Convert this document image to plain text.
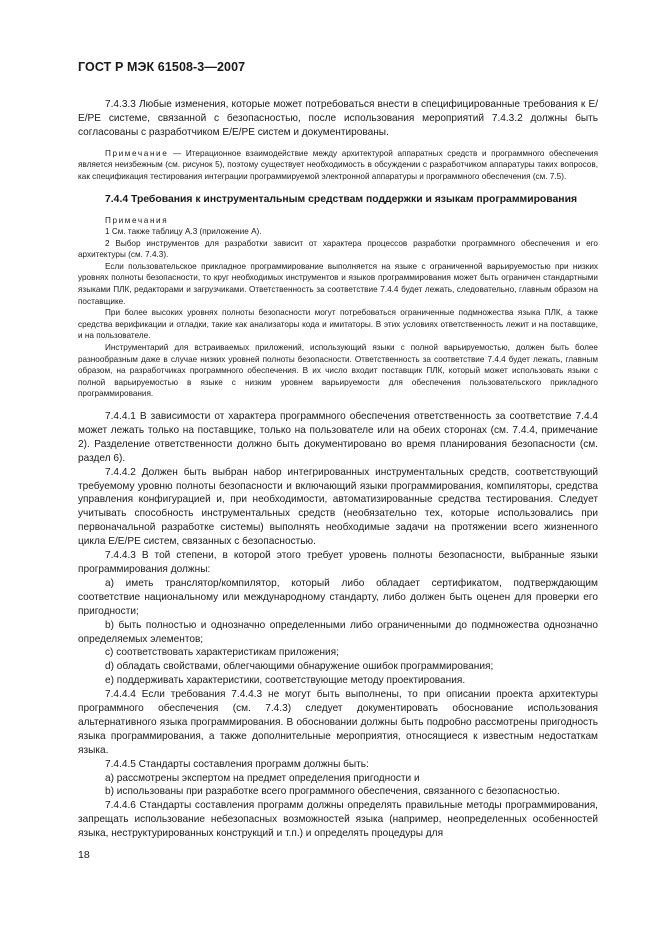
ГОСТ Р МЭК 61508-3—2007

7.4.3.3 Любые изменения, которые может потребоваться внести в специфицированные требования к Е/Е/РЕ системе, связанной с безопасностью, после использования мероприятий 7.4.3.2 должны быть согласованы с разработчиком Е/Е/РЕ систем и документированы.

Примечание — Итерационное взаимодействие между архитектурой аппаратных средств и программного обеспечения является неизбежным (см. рисунок 5), поэтому существует необходимость в обсуждении с разработчиком аппаратуры таких вопросов, как спецификация тестирования интеграции программируемой электронной аппаратуры и программного обеспечения (см. 7.5).

7.4.4 Требования к инструментальным средствам поддержки и языкам программирования

Примечания

1 См. также таблицу А.3 (приложение А).

2 Выбор инструментов для разработки зависит от характера процессов разработки программного обеспечения и его архитектуры (см. 7.4.3).

Если пользовательское прикладное программирование выполняется на языке с ограниченной варьируемостью при низких уровнях полноты безопасности, то круг необходимых инструментов и языков программирования может быть ограничен стандартными языками ПЛК, редакторами и загрузчиками. Ответственность за соответствие 7.4.4 будет лежать, следовательно, главным образом на поставщике.

При более высоких уровнях полноты безопасности могут потребоваться ограниченные подмножества языка ПЛК, а также средства верификации и отладки, такие как анализаторы кода и имитаторы. В этих условиях ответственность лежит и на поставщике, и на пользователе.

Инструментарий для встраиваемых приложений, использующий языки с полной варьируемостью, должен быть более разнообразным даже в случае низких уровней полноты безопасности. Ответственность за соответствие 7.4.4 будет лежать, главным образом, на разработчиках программного обеспечения. В их число входит поставщик ПЛК, который может использовать языки с полной варьируемостью в языке с низким уровнем варьируемости для обеспечения пользовательского прикладного программирования.

7.4.4.1 В зависимости от характера программного обеспечения ответственность за соответствие 7.4.4 может лежать только на поставщике, только на пользователе или на обеих сторонах (см. 7.4.4, примечание 2). Разделение ответственности должно быть документировано во время планирования безопасности (см. раздел 6).

7.4.4.2 Должен быть выбран набор интегрированных инструментальных средств, соответствующий требуемому уровню полноты безопасности и включающий языки программирования, компиляторы, средства управления конфигурацией и, при необходимости, автоматизированные средства тестирования. Следует учитывать способность инструментальных средств (необязательно тех, которые использовались при первоначальной разработке системы) выполнять необходимые задачи на протяжении всего жизненного цикла Е/Е/РЕ систем, связанных с безопасностью.

7.4.4.3 В той степени, в которой этого требует уровень полноты безопасности, выбранные языки программирования должны:

а) иметь транслятор/компилятор, который либо обладает сертификатом, подтверждающим соответствие национальному или международному стандарту, либо должен быть оценен для проверки его пригодности;

b) быть полностью и однозначно определенными либо ограниченными до подмножества однозначно определяемых элементов;

с) соответствовать характеристикам приложения;

d) обладать свойствами, облегчающими обнаружение ошибок программирования;

е) поддерживать характеристики, соответствующие методу проектирования.

7.4.4.4 Если требования 7.4.4.3 не могут быть выполнены, то при описании проекта архитектуры программного обеспечения (см. 7.4.3) следует документировать обоснование использования альтернативного языка программирования. В обосновании должны быть подробно рассмотрены пригодность языка программирования, а также дополнительные мероприятия, относящиеся к известным недостаткам языка.

7.4.4.5 Стандарты составления программ должны быть:

а) рассмотрены экспертом на предмет определения пригодности и

b) использованы при разработке всего программного обеспечения, связанного с безопасностью.

7.4.4.6 Стандарты составления программ должны определять правильные методы программирования, запрещать использование небезопасных возможностей языка (например, неопределенных особенностей языка, неструктурированных конструкций и т.п.) и определять процедуры для

18
